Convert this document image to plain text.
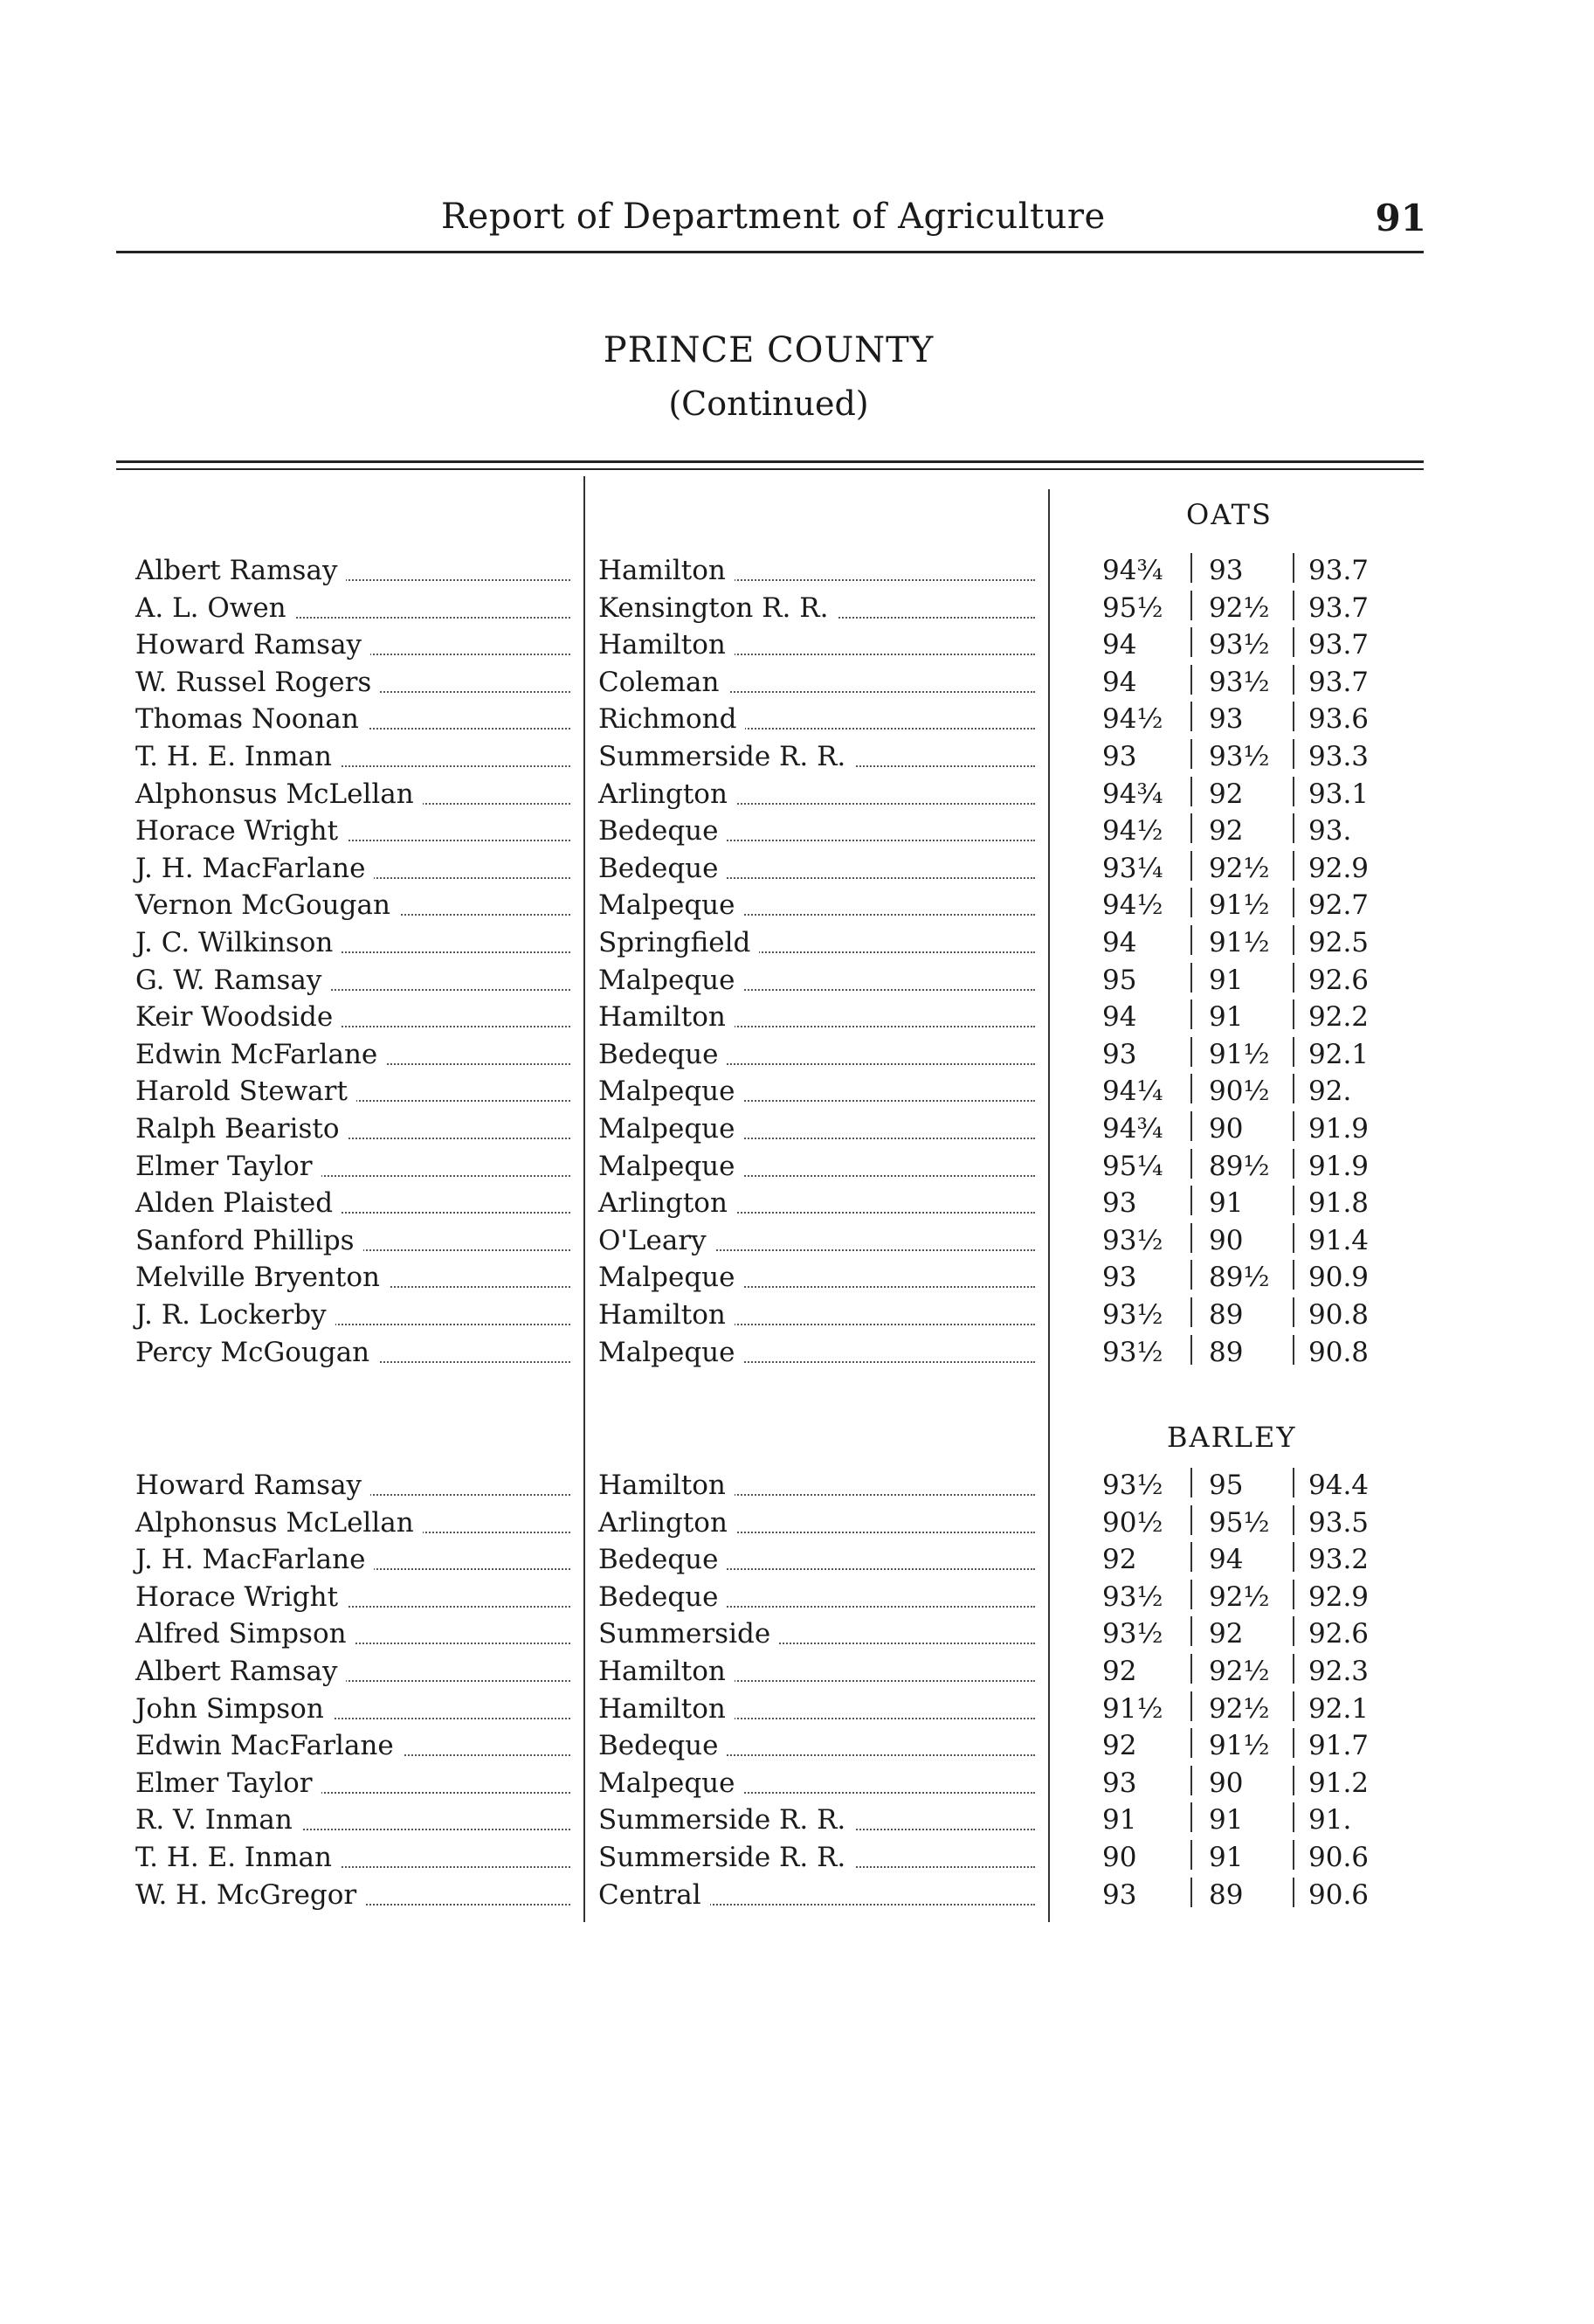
Report of Department of Agriculture	91
PRINCE COUNTY
(Continued)
OATS
Albert Ramsay	Hamilton	94¾ 93 93.7
A. L. Owen	Kensington R. R.	95½ 92½ 93.7
Howard Ramsay	Hamilton	94	93½ 93.7
W. Russel Rogers	Coleman	94	93½ 93.7
Thomas Noonan	Richmond	94½ 93 93.6
T. H. E. Inman	Summerside R. R.	93	93½ 93.3
Alphonsus McLellan	Arlington	94¾ 92 93.1
Horace Wright	Bedeque	94½ 92 93.
J. H. MacFarlane	Bedeque	93¼ 92½ 92.9
Vernon McGougan	Malpeque	94½ 91½ 92.7
J. C. Wilkinson	Springfield	94	91½ 92.5
G. W. Ramsay	Malpeque	95	91 92.6
Keir Woodside	Hamilton	94	91 92.2
Edwin McFarlane	Bedeque	93	91½ 92.1
Harold Stewart	Malpeque	94¼ 90½ 92.
Ralph Bearisto	Malpeque	94¾ 90 91.9
Elmer Taylor	Malpeque	95¼ 89½ 91.9
Alden Plaisted	Arlington	93	91 91.8
Sanford Phillips	O'Leary	93½ 90 91.4
Melville Bryenton	Malpeque	93	89½ 90.9
J. R. Lockerby	Hamilton	93½ 89 90.8
Percy McGougan	Malpeque	93½ 89 90.8
BARLEY
Howard Ramsay	Hamilton	93½ 95 94.4
Alphonsus McLellan	Arlington	90½ 95½ 93.5
J. H. MacFarlane	Bedeque	92	94 93.2
Horace Wright	Bedeque	93½ 92½ 92.9
Alfred Simpson	Summerside	93½ 92 92.6
Albert Ramsay	Hamilton	92	92½ 92.3
John Simpson	Hamilton	91½ 92½ 92.1
Edwin MacFarlane	Bedeque	92	91½ 91.7
Elmer Taylor	Malpeque	93	90 91.2
R. V. Inman	Summerside R. R.	91	91 91.
T. H. E. Inman	Summerside R. R.	90	91 90.6
W. H. McGregor	Central	93	89 90.6
